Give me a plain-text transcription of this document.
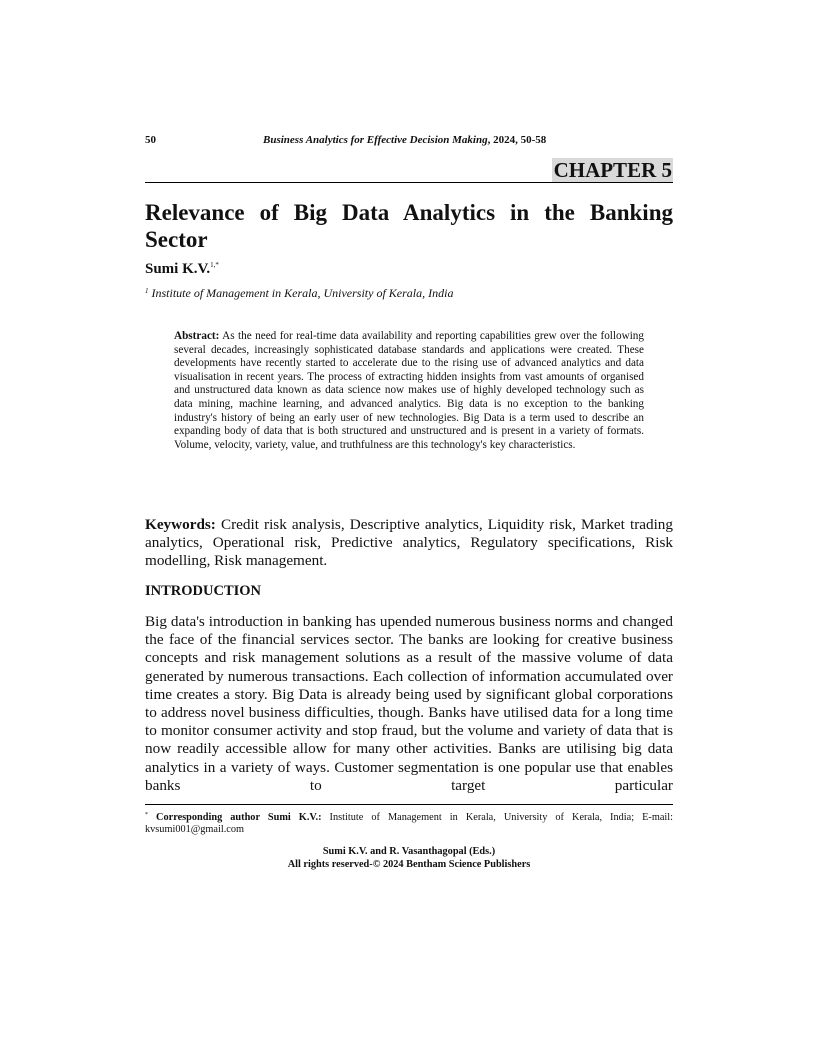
50	Business Analytics for Effective Decision Making, 2024, 50-58
CHAPTER 5
Relevance of Big Data Analytics in the Banking Sector
Sumi K.V.$^{1,*}$
$^1$ Institute of Management in Kerala, University of Kerala, India

Abstract: As the need for real-time data availability and reporting capabilities grew over the following several decades, increasingly sophisticated database standards and applications were created. These developments have recently started to accelerate due to the rising use of advanced analytics and data visualisation in recent years. The process of extracting hidden insights from vast amounts of organised and unstructured data known as data science now makes use of highly developed technology such as data mining, machine learning, and advanced analytics. Big data is no exception to the banking industry's history of being an early user of new technologies. Big Data is a term used to describe an expanding body of data that is both structured and unstructured and is present in a variety of formats. Volume, velocity, variety, value, and truthfulness are this technology's key characteristics.

Keywords: Credit risk analysis, Descriptive analytics, Liquidity risk, Market trading analytics, Operational risk, Predictive analytics, Regulatory specifications, Risk modelling, Risk management.

INTRODUCTION

Big data's introduction in banking has upended numerous business norms and changed the face of the financial services sector. The banks are looking for creative business concepts and risk management solutions as a result of the massive volume of data generated by numerous transactions. Each collection of information accumulated over time creates a story. Big Data is already being used by significant global corporations to address novel business difficulties, though. Banks have utilised data for a long time to monitor consumer activity and stop fraud, but the volume and variety of data that is now readily accessible allow for many other activities. Banks are utilising big data analytics in a variety of ways. Customer segmentation is one popular use that enables banks to target particular

* Corresponding author Sumi K.V.: Institute of Management in Kerala, University of Kerala, India; E-mail: kvsumi001@gmail.com

Sumi K.V. and R. Vasanthagopal (Eds.)
All rights reserved-© 2024 Bentham Science Publishers
